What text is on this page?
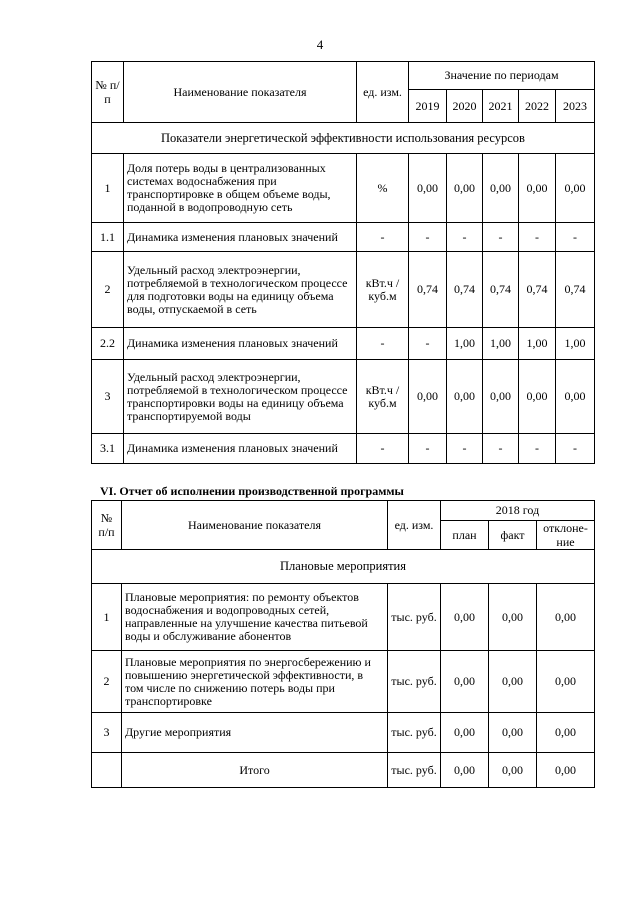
4
№ п/п	Наименование показателя	ед. изм.	Значение по периодам				
			2019	2020	2021	2022	2023
Показатели энергетической эффективности использования ресурсов							
1	Доля потерь воды в централизованных системах водоснабжения при транспортировке в общем объеме воды, поданной в водопроводную сеть	%	0,00	0,00	0,00	0,00	0,00
1.1	Динамика изменения плановых значений	-	-	-	-	-	-
2	Удельный расход электроэнергии, потребляемой в технологическом процессе для подготовки воды на единицу объема воды, отпускаемой в сеть	кВт.ч / куб.м	0,74	0,74	0,74	0,74	0,74
2.2	Динамика изменения плановых значений	-	-	1,00	1,00	1,00	1,00
3	Удельный расход электроэнергии, потребляемой в технологическом процессе транспортировки воды на единицу объема транспортируемой воды	кВт.ч / куб.м	0,00	0,00	0,00	0,00	0,00
3.1	Динамика изменения плановых значений	-	-	-	-	-	-
VI. Отчет об исполнении производственной программы
№ п/п	Наименование показателя	ед. изм.	2018 год		
			план	факт	отклоне-ние
Плановые мероприятия					
1	Плановые мероприятия: по ремонту объектов водоснабжения и водопроводных сетей, направленные на улучшение качества питьевой воды и обслуживание абонентов	тыс. руб.	0,00	0,00	0,00
2	Плановые мероприятия по энергосбережению и повышению энергетической эффективности, в том числе по снижению потерь воды при транспортировке	тыс. руб.	0,00	0,00	0,00
3	Другие мероприятия	тыс. руб.	0,00	0,00	0,00
	Итого	тыс. руб.	0,00	0,00	0,00
